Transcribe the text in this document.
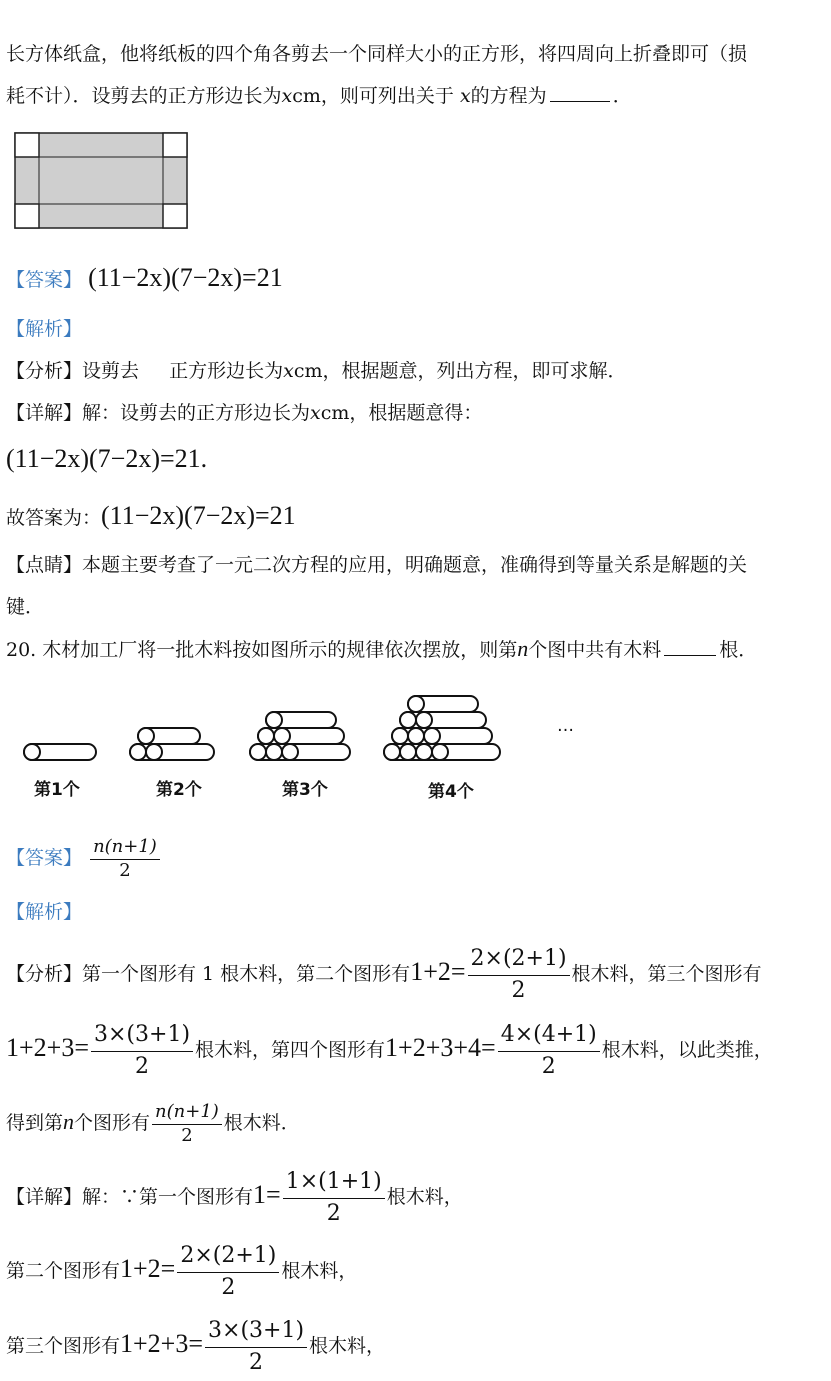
长方体纸盒，他将纸板的四个角各剪去一个同样大小的正方形，将四周向上折叠即可（损
耗不计）．设剪去的正方形边长为xcm，则可列出关于 x的方程为	．
【答案】 (11−2x)(7−2x)=21
【解析】
【分析】设剪去 正方形边长为xcm，根据题意，列出方程，即可求解．
【详解】解：设剪去的正方形边长为xcm，根据题意得：
(11−2x)(7−2x)=21.
故答案为：(11−2x)(7−2x)=21
【点睛】本题主要考查了一元二次方程的应用，明确题意，准确得到等量关系是解题的关
键．
20. 木材加工厂将一批木料按如图所示的规律依次摆放，则第n个图中共有木料	根．
…
第1个	第2个	第3个	第4个
【答案】 $\frac{n(n+1)}{2}$
【解析】
【分析】第一个图形有 1 根木料，第二个图形有$1+2= \frac{2\times(2+1)}{2}$ 根木料，第三个图形有
$1+2+3= \frac{3\times(3+1)}{2}$ 根木料，第四个图形有$1+2+3+4= \frac{4\times(4+1)}{2}$ 根木料，以此类推，
得到第n个图形有 $\frac{n(n+1)}{2}$ 根木料．
【详解】解：∵第一个图形有$1= \frac{1\times(1+1)}{2}$ 根木料，
第二个图形有$1+2= \frac{2\times(2+1)}{2}$ 根木料，
第三个图形有$1+2+3= \frac{3\times(3+1)}{2}$ 根木料，
